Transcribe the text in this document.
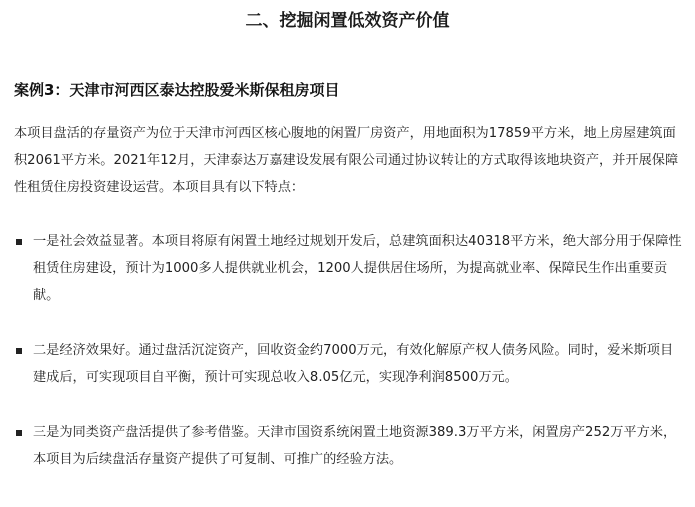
二、挖掘闲置低效资产价值
案例3：天津市河西区泰达控股爱米斯保租房项目

本项目盘活的存量资产为位于天津市河西区核心腹地的闲置厂房资产，用地面积为17859平方米，地上房屋建筑面积2061平方米。2021年12月，天津泰达万嘉建设发展有限公司通过协议转让的方式取得该地块资产，并开展保障性租赁住房投资建设运营。本项目具有以下特点：

一是社会效益显著。本项目将原有闲置土地经过规划开发后，总建筑面积达40318平方米，绝大部分用于保障性租赁住房建设，预计为1000多人提供就业机会，1200人提供居住场所，为提高就业率、保障民生作出重要贡献。
二是经济效果好。通过盘活沉淀资产，回收资金约7000万元，有效化解原产权人债务风险。同时，爱米斯项目建成后，可实现项目自平衡，预计可实现总收入8.05亿元，实现净利润8500万元。
三是为同类资产盘活提供了参考借鉴。天津市国资系统闲置土地资源389.3万平方米，闲置房产252万平方米，本项目为后续盘活存量资产提供了可复制、可推广的经验方法。
